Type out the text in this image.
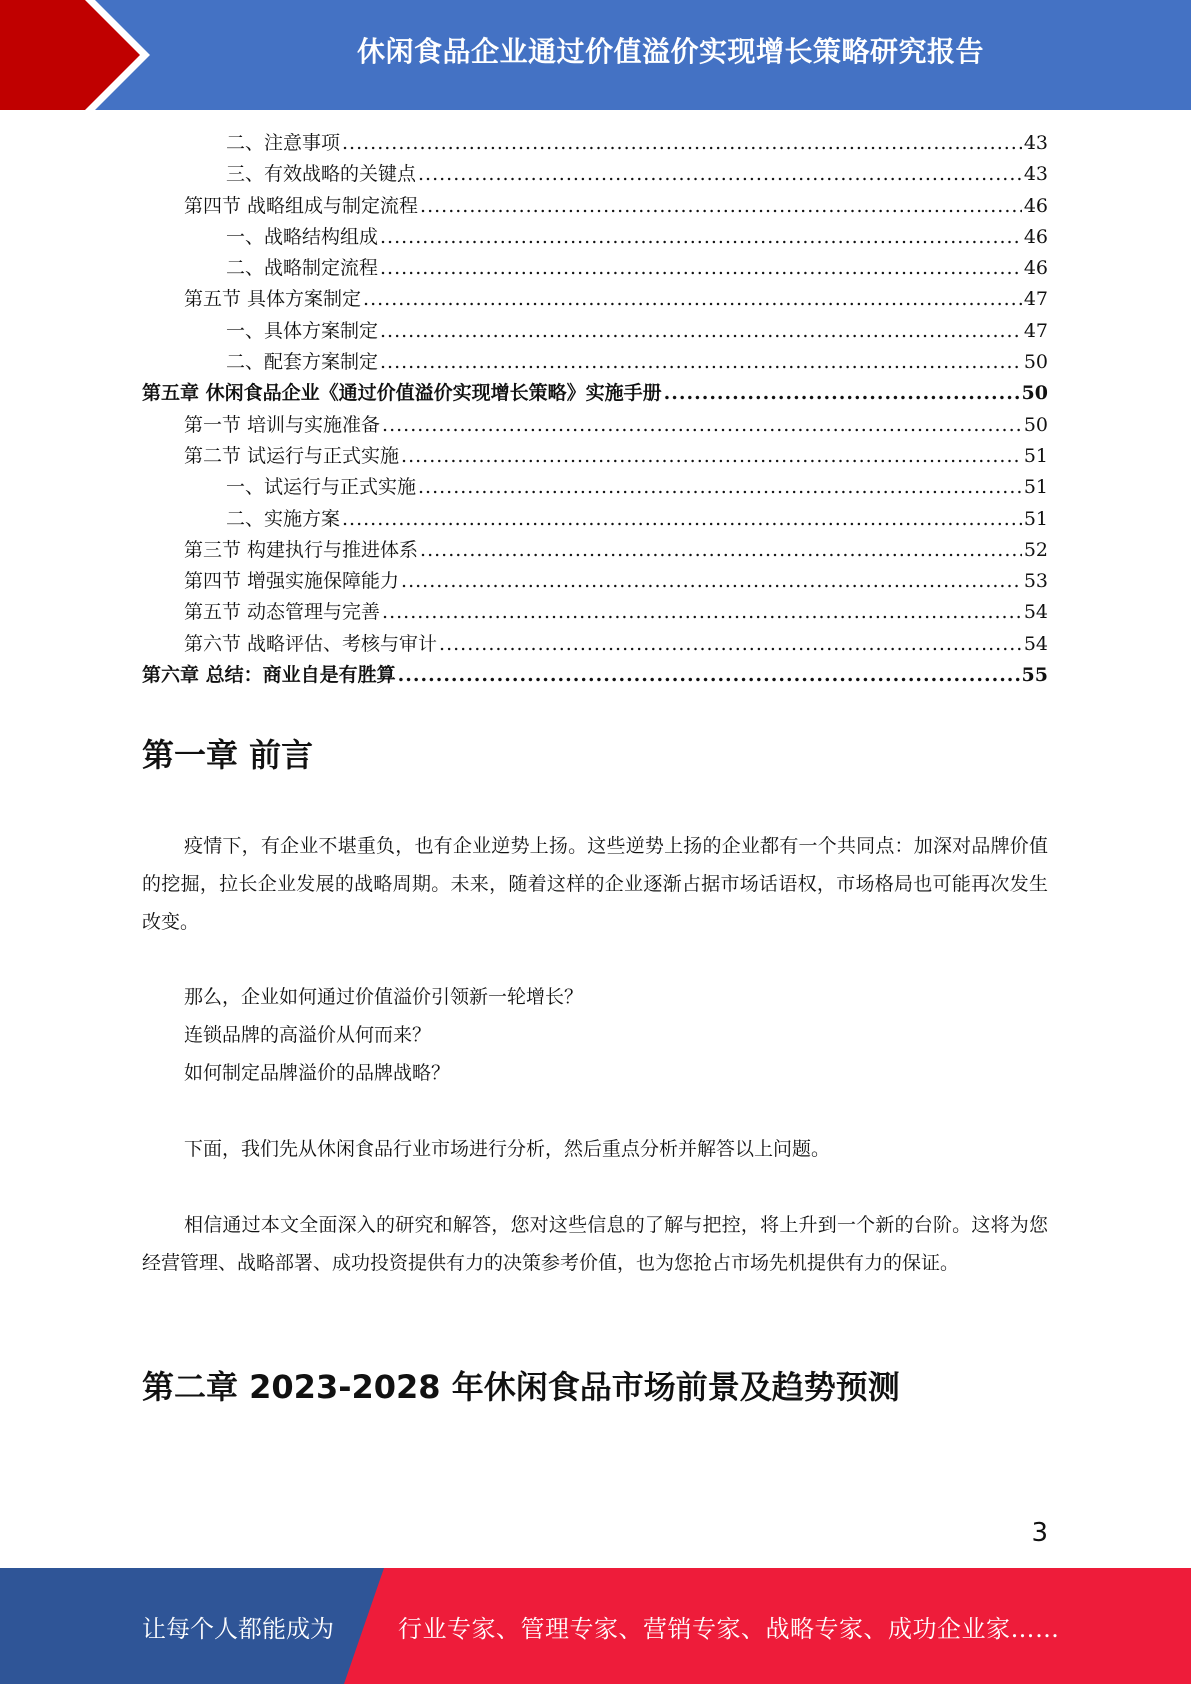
休闲食品企业通过价值溢价实现增长策略研究报告
二、注意事项 .....	43
三、有效战略的关键点 .....	43
第四节 战略组成与制定流程 .....	46
一、战略结构组成 .....	46
二、战略制定流程 .....	46
第五节 具体方案制定 .....	47
一、具体方案制定 .....	47
二、配套方案制定 .....	50
第五章 休闲食品企业《通过价值溢价实现增长策略》实施手册 .....	50
第一节 培训与实施准备 .....	50
第二节 试运行与正式实施 .....	51
一、试运行与正式实施 .....	51
二、实施方案 .....	51
第三节 构建执行与推进体系 .....	52
第四节 增强实施保障能力 .....	53
第五节 动态管理与完善 .....	54
第六节 战略评估、考核与审计 .....	54
第六章 总结：商业自是有胜算 .....	55
第一章 前言

疫情下，有企业不堪重负，也有企业逆势上扬。这些逆势上扬的企业都有一个共同点：加深对品牌价值的挖掘，拉长企业发展的战略周期。未来，随着这样的企业逐渐占据市场话语权，市场格局也可能再次发生改变。

那么，企业如何通过价值溢价引领新一轮增长？

连锁品牌的高溢价从何而来？

如何制定品牌溢价的品牌战略？

下面，我们先从休闲食品行业市场进行分析，然后重点分析并解答以上问题。

相信通过本文全面深入的研究和解答，您对这些信息的了解与把控，将上升到一个新的台阶。这将为您经营管理、战略部署、成功投资提供有力的决策参考价值，也为您抢占市场先机提供有力的保证。

第二章 2023-2028 年休闲食品市场前景及趋势预测
3
让每个人都能成为	行业专家、管理专家、营销专家、战略专家、成功企业家……
